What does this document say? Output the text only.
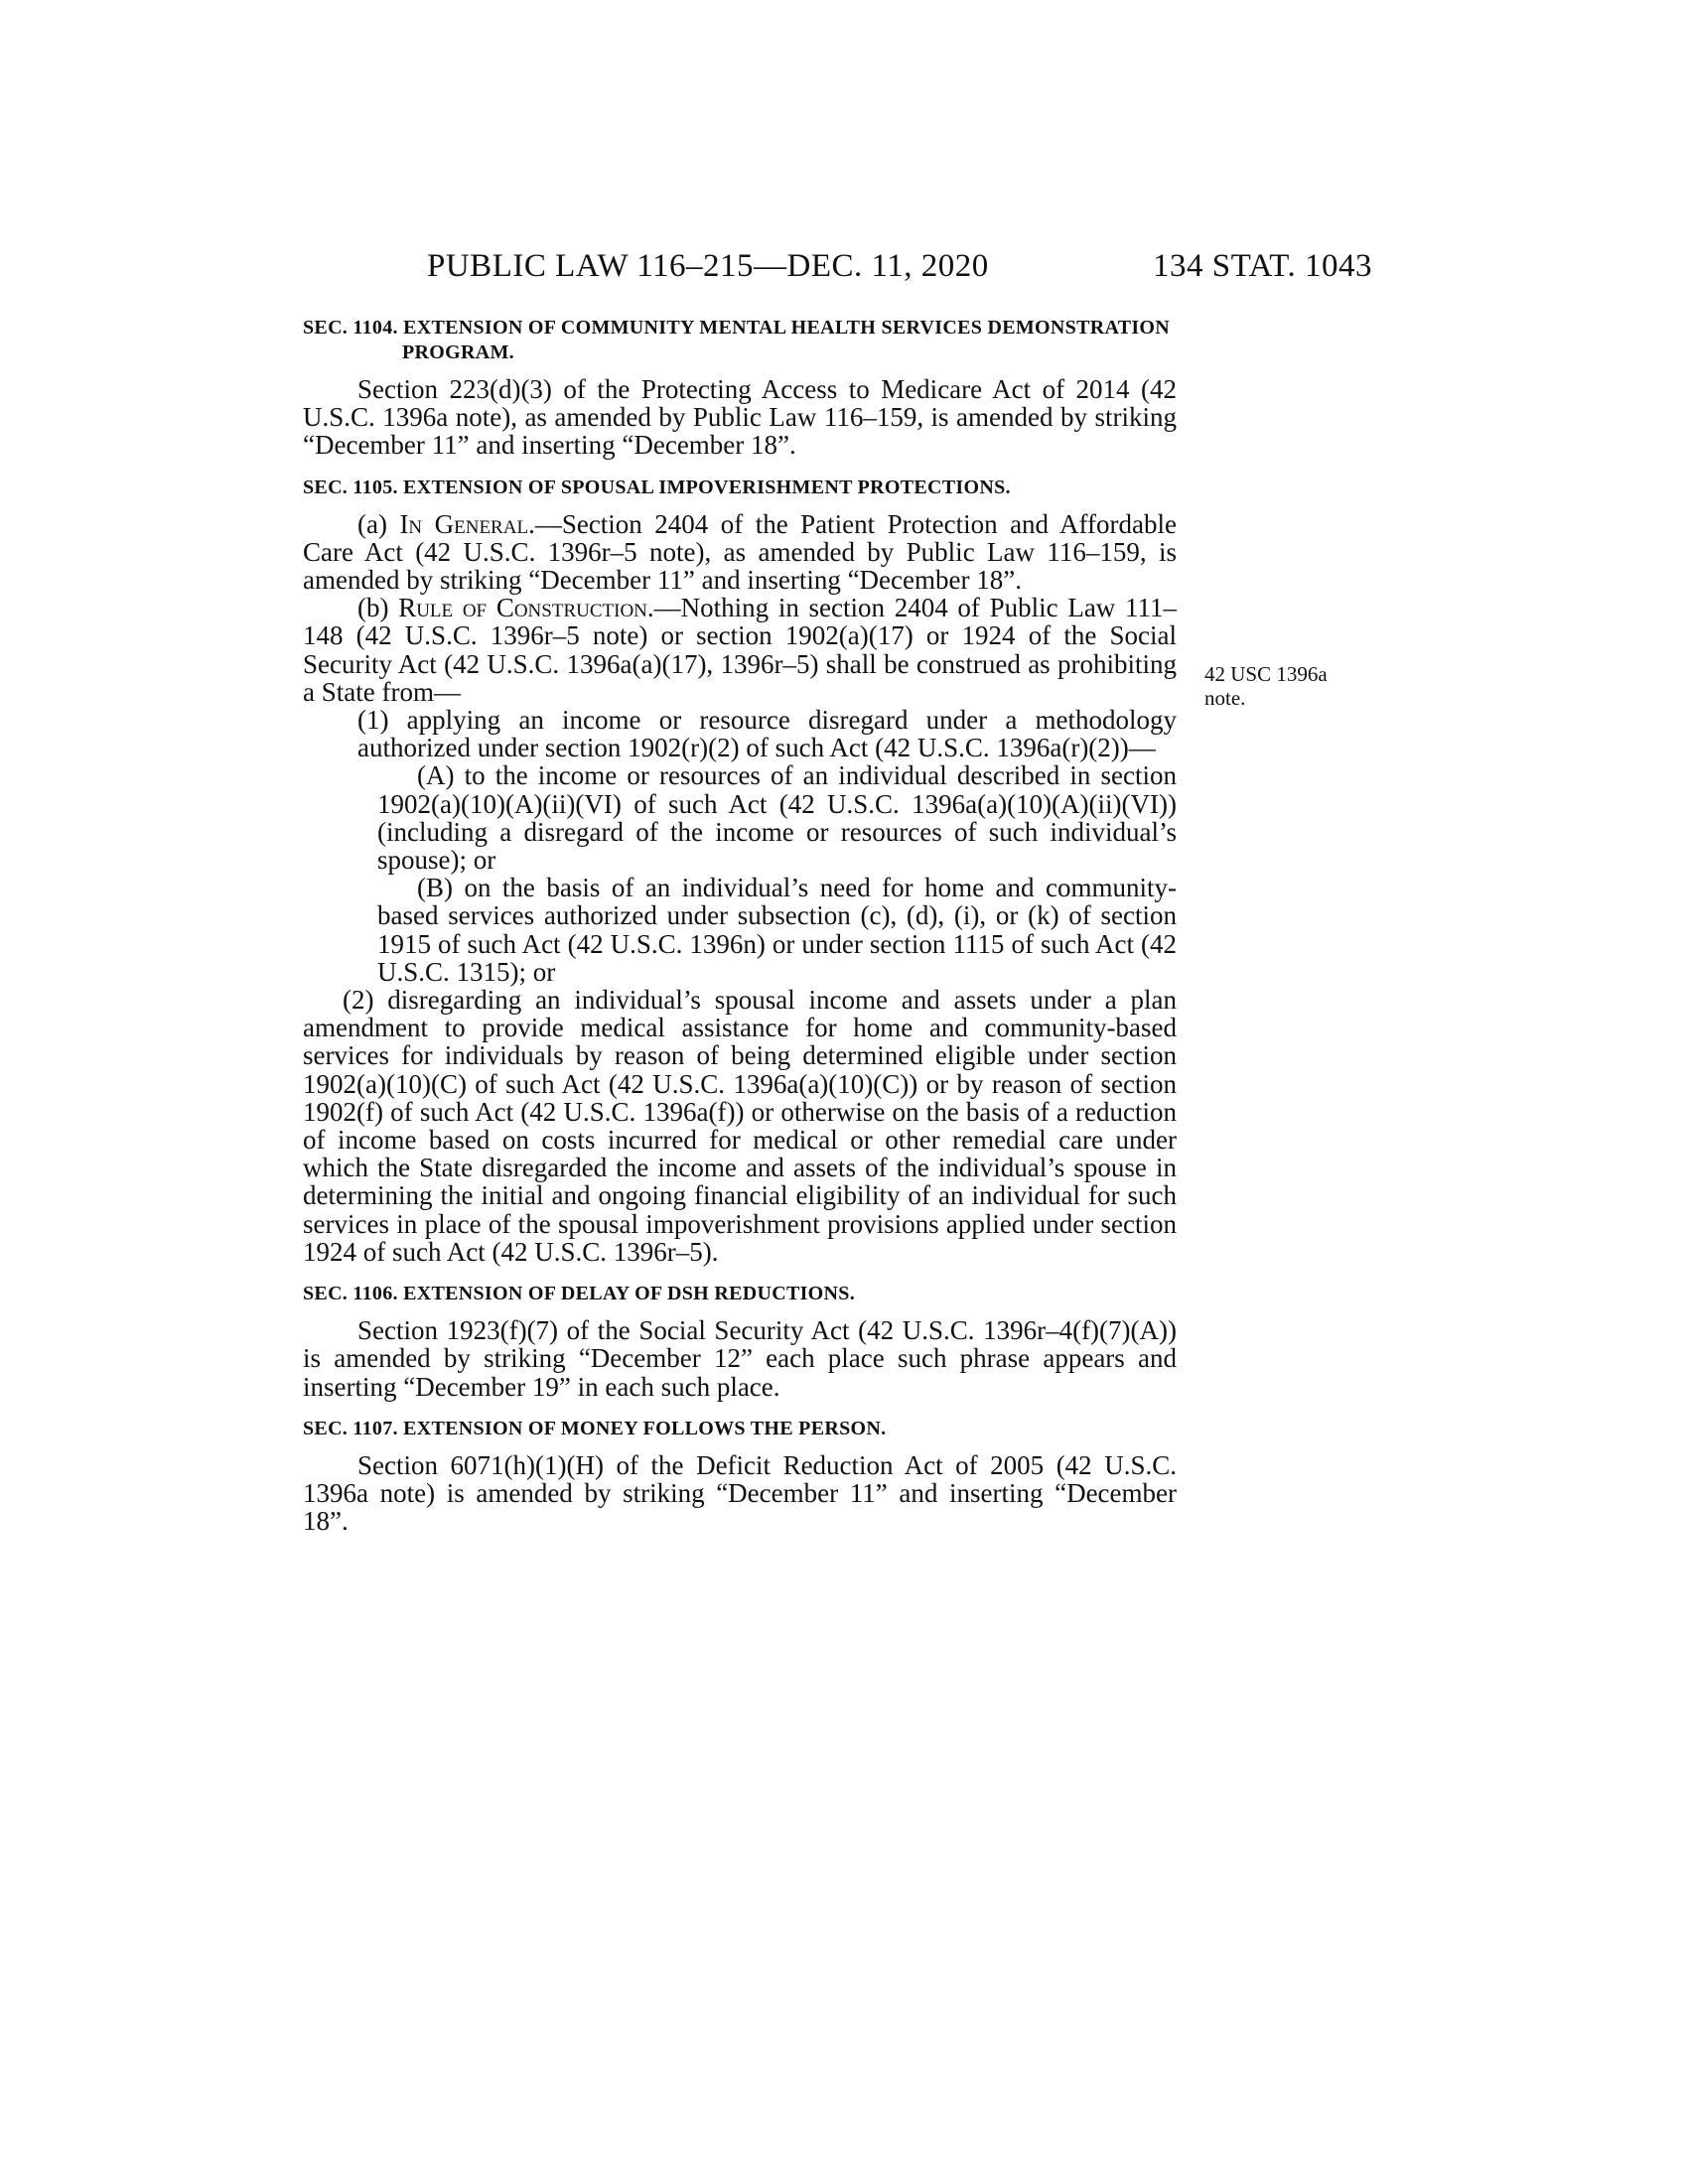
PUBLIC LAW 116–215—DEC. 11, 2020	134 STAT. 1043
42 USC 1396a
note.
SEC. 1104. EXTENSION OF COMMUNITY MENTAL HEALTH SERVICES DEMONSTRATION PROGRAM.

Section 223(d)(3) of the Protecting Access to Medicare Act of 2014 (42 U.S.C. 1396a note), as amended by Public Law 116–159, is amended by striking “December 11” and inserting “December 18”.

SEC. 1105. EXTENSION OF SPOUSAL IMPOVERISHMENT PROTECTIONS.

(a) In General.—Section 2404 of the Patient Protection and Affordable Care Act (42 U.S.C. 1396r–5 note), as amended by Public Law 116–159, is amended by striking “December 11” and inserting “December 18”.

(b) Rule of Construction.—Nothing in section 2404 of Public Law 111–148 (42 U.S.C. 1396r–5 note) or section 1902(a)(17) or 1924 of the Social Security Act (42 U.S.C. 1396a(a)(17), 1396r–5) shall be construed as prohibiting a State from—

(1) applying an income or resource disregard under a methodology authorized under section 1902(r)(2) of such Act (42 U.S.C. 1396a(r)(2))—

(A) to the income or resources of an individual described in section 1902(a)(10)(A)(ii)(VI) of such Act (42 U.S.C. 1396a(a)(10)(A)(ii)(VI)) (including a disregard of the income or resources of such individual’s spouse); or

(B) on the basis of an individual’s need for home and community-based services authorized under subsection (c), (d), (i), or (k) of section 1915 of such Act (42 U.S.C. 1396n) or under section 1115 of such Act (42 U.S.C. 1315); or

(2) disregarding an individual’s spousal income and assets under a plan amendment to provide medical assistance for home and community-based services for individuals by reason of being determined eligible under section 1902(a)(10)(C) of such Act (42 U.S.C. 1396a(a)(10)(C)) or by reason of section 1902(f) of such Act (42 U.S.C. 1396a(f)) or otherwise on the basis of a reduction of income based on costs incurred for medical or other remedial care under which the State disregarded the income and assets of the individual’s spouse in determining the initial and ongoing financial eligibility of an individual for such services in place of the spousal impoverishment provisions applied under section 1924 of such Act (42 U.S.C. 1396r–5).

SEC. 1106. EXTENSION OF DELAY OF DSH REDUCTIONS.

Section 1923(f)(7) of the Social Security Act (42 U.S.C. 1396r–4(f)(7)(A)) is amended by striking “December 12” each place such phrase appears and inserting “December 19” in each such place.

SEC. 1107. EXTENSION OF MONEY FOLLOWS THE PERSON.

Section 6071(h)(1)(H) of the Deficit Reduction Act of 2005 (42 U.S.C. 1396a note) is amended by striking “December 11” and inserting “December 18”.
